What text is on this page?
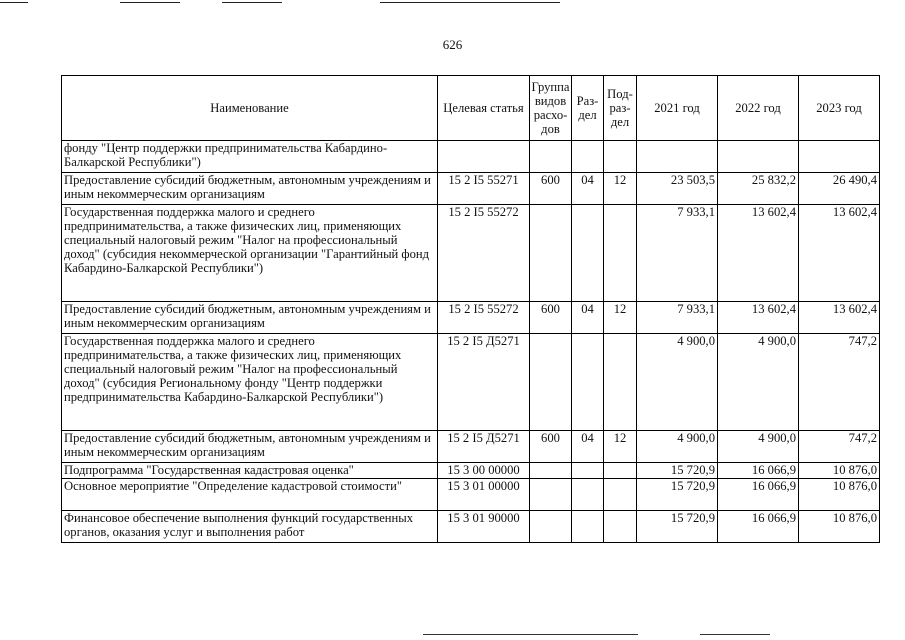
626
Наименование	Целевая статья	Группа видов расхо-дов	Раз-дел	Под-раз-дел	2021 год	2022 год	2023 год
фонду "Центр поддержки предпринимательства Кабардино-Балкарской Республики")							
Предоставление субсидий бюджетным, автономным учреждениям и иным некоммерческим организациям	15 2 I5 55271	600	04	12	23 503,5	25 832,2	26 490,4
Государственная поддержка малого и среднего предпринимательства, а также физических лиц, применяющих специальный налоговый режим "Налог на профессиональный доход" (субсидия некоммерческой организации "Гарантийный фонд Кабардино-Балкарской Республики")	15 2 I5 55272				7 933,1	13 602,4	13 602,4
Предоставление субсидий бюджетным, автономным учреждениям и иным некоммерческим организациям	15 2 I5 55272	600	04	12	7 933,1	13 602,4	13 602,4
Государственная поддержка малого и среднего предпринимательства, а также физических лиц, применяющих специальный налоговый режим "Налог на профессиональный доход" (субсидия Региональному фонду "Центр поддержки предпринимательства Кабардино-Балкарской Республики")	15 2 I5 Д5271				4 900,0	4 900,0	747,2
Предоставление субсидий бюджетным, автономным учреждениям и иным некоммерческим организациям	15 2 I5 Д5271	600	04	12	4 900,0	4 900,0	747,2
Подпрограмма "Государственная кадастровая оценка"	15 3 00 00000				15 720,9	16 066,9	10 876,0
Основное мероприятие "Определение кадастровой стоимости"	15 3 01 00000				15 720,9	16 066,9	10 876,0
Финансовое обеспечение выполнения функций государственных органов, оказания услуг и выполнения работ	15 3 01 90000				15 720,9	16 066,9	10 876,0
